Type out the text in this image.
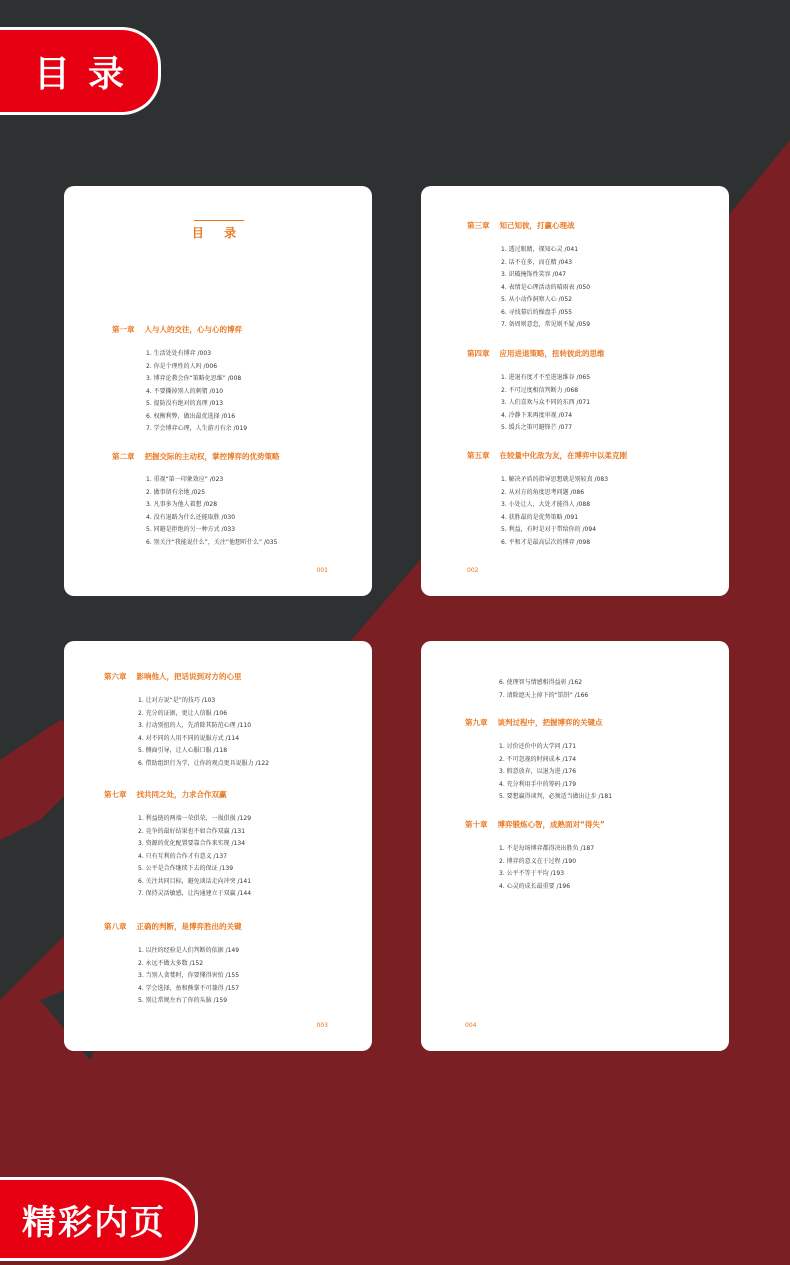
目录
精彩内页
目 录
第一章 人与人的交往，心与心的博弈
1. 生活处处有博弈 /003
2. 你是个理性的人吗 /006
3. 博弈论教会你“策略化思维” /008
4. 不要撕掉别人的刺猬 /010
5. 提防没有绝对的真理 /013
6. 权衡利弊，做出最优选择 /016
7. 学会博弈心理，人生游刃有余 /019
第二章 把握交际的主动权，掌控博弈的优势策略
1. 重视“第一印象效应” /023
2. 做事留有余地 /025
3. 凡事多为他人着想 /028
4. 没有退路为什么还能取胜 /030
5. 同避是拒绝的另一种方式 /033
6. 别关注“我能说什么”，关注“他想听什么” /035
001
第三章 知己知彼，打赢心理战
1. 透过眼睛，探知心灵 /041
2. 话不在多，而在精 /043
3. 识破掩饰性笑容 /047
4. 表情是心理活动的晴雨表 /050
5. 从小动作洞察人心 /052
6. 寻找幕后的操盘手 /055
7. 备周则意怠，常见则不疑 /059
第四章 应用进退策略，扭转彼此的思维
1. 进退有度才不至进退维谷 /065
2. 不可过度相信判断力 /068
3. 人们喜欢与众不同的东西 /071
4. 冷静下来再度审视 /074
5. 缓兵之策可避锋芒 /077
第五章 在较量中化敌为友，在博弈中以柔克刚
1. 解决矛盾的指导思想就是别较真 /083
2. 从对方的角度思考问题 /086
3. 小处让人，大处才能得人 /088
4. 获胜最的是优势策略 /091
5. 利益，有时是对于带给你的 /094
6. 平和才是最高层次的博弈 /098
002
第六章 影响他人，把话说到对方的心里
1. 让对方说“是”的技巧 /103
2. 充分的证据，更让人信服 /106
3. 打动别扭的人，先消除其防范心理 /110
4. 对不同的人用不同的说服方式 /114
5. 侧面引导，让人心服口服 /118
6. 借助组织行为学，让你的观点更具说服力 /122
第七章 找共同之处，力求合作双赢
1. 利益链的两端一荣俱荣，一损俱损 /129
2. 竞争的最好结果也不如合作双赢 /131
3. 资源的优化配置要靠合作来实现 /134
4. 只有互利的合作才有意义 /137
5. 公平是合作继续下去的保证 /139
6. 关注共同目标，避免谈话走向冲突 /141
7. 保持灵活敏感，让沟通建立于双赢 /144
第八章 正确的判断，是博弈胜出的关键
1. 以往的经验是人们判断的依据 /149
2. 永远不做大多数 /152
3. 当别人贪婪时，你要懂得害怕 /155
4. 学会选择，鱼和熊掌不可兼得 /157
5. 别让常规左右了你的头脑 /159
003
6. 使理智与情感相得益彰 /162
7. 请除遮天上掉下的“馅饼” /166
第九章 谈判过程中，把握博弈的关键点
1. 讨价还价中的大学问 /171
2. 不可忽视的时间成本 /174
3. 假意放弃，以退为进 /176
4. 充分利用手中的筹码 /179
5. 要想赢得谈判，必须适当做出让步 /181
第十章 博弈锻炼心智，成熟面对“得失”
1. 不是每场博弈都得决出胜负 /187
2. 博弈的意义在于过程 /190
3. 公平不等于平均 /193
4. 心灵的成长最重要 /196
004
